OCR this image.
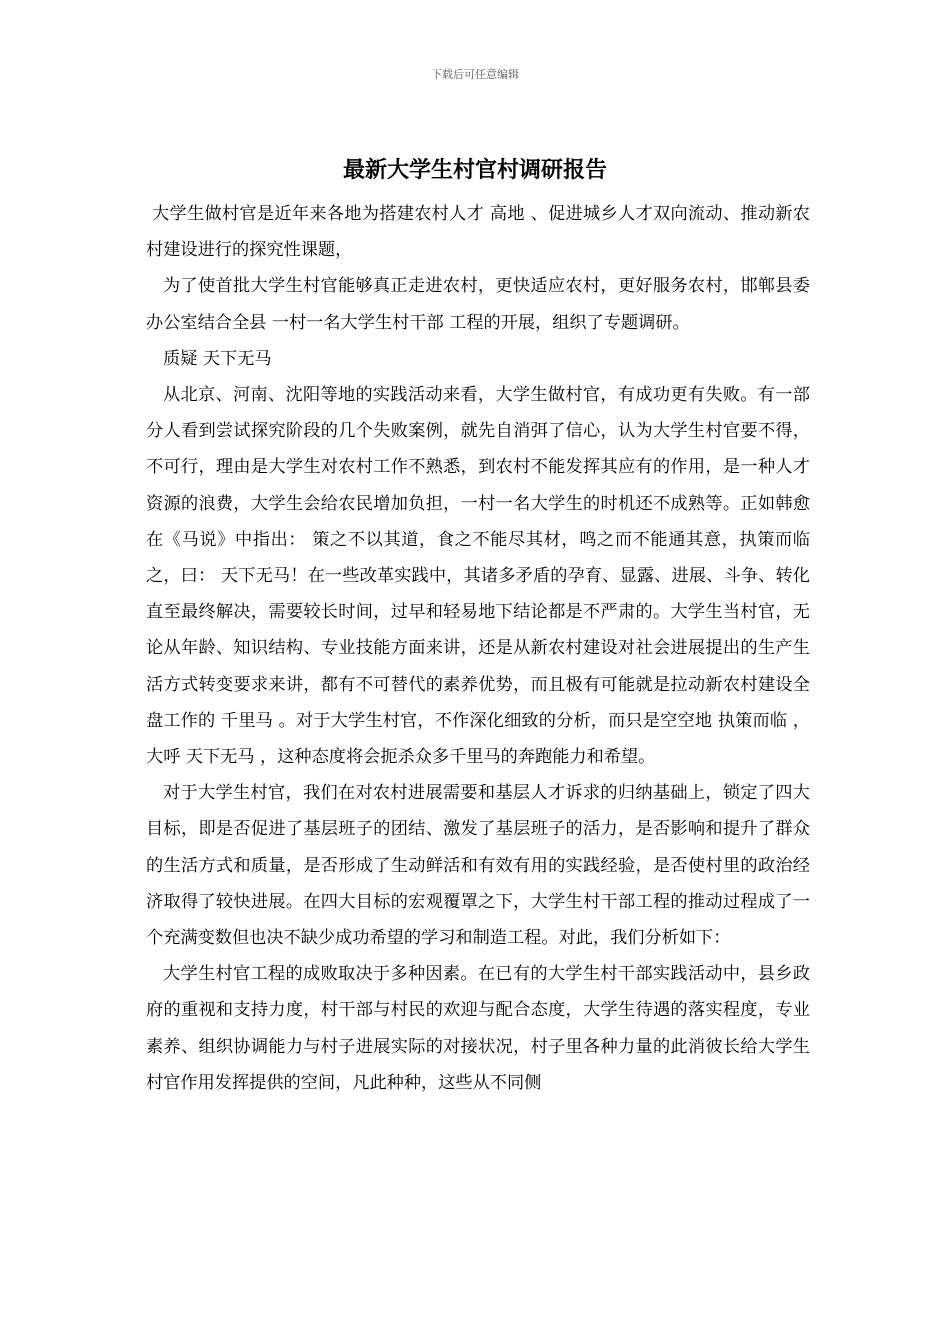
下载后可任意编辑
最新大学生村官村调研报告

大学生做村官是近年来各地为搭建农村人才 高地 、促进城乡人才双向流动、推动新农村建设进行的探究性课题，

为了使首批大学生村官能够真正走进农村，更快适应农村，更好服务农村，邯郸县委办公室结合全县 一村一名大学生村干部 工程的开展，组织了专题调研。

质疑 天下无马

从北京、河南、沈阳等地的实践活动来看，大学生做村官，有成功更有失败。有一部分人看到尝试探究阶段的几个失败案例，就先自消弭了信心，认为大学生村官要不得，不可行，理由是大学生对农村工作不熟悉，到农村不能发挥其应有的作用，是一种人才资源的浪费，大学生会给农民增加负担，一村一名大学生的时机还不成熟等。正如韩愈在《马说》中指出： 策之不以其道，食之不能尽其材，鸣之而不能通其意，执策而临之，曰： 天下无马！在一些改革实践中，其诸多矛盾的孕育、显露、进展、斗争、转化直至最终解决，需要较长时间，过早和轻易地下结论都是不严肃的。大学生当村官，无论从年龄、知识结构、专业技能方面来讲，还是从新农村建设对社会进展提出的生产生活方式转变要求来讲，都有不可替代的素养优势，而且极有可能就是拉动新农村建设全盘工作的 千里马 。对于大学生村官，不作深化细致的分析，而只是空空地 执策而临 ，大呼 天下无马 ，这种态度将会扼杀众多千里马的奔跑能力和希望。

对于大学生村官，我们在对农村进展需要和基层人才诉求的归纳基础上，锁定了四大目标，即是否促进了基层班子的团结、激发了基层班子的活力，是否影响和提升了群众的生活方式和质量，是否形成了生动鲜活和有效有用的实践经验，是否使村里的政治经济取得了较快进展。在四大目标的宏观覆罩之下，大学生村干部工程的推动过程成了一个充满变数但也决不缺少成功希望的学习和制造工程。对此，我们分析如下：

大学生村官工程的成败取决于多种因素。在已有的大学生村干部实践活动中，县乡政府的重视和支持力度，村干部与村民的欢迎与配合态度，大学生待遇的落实程度，专业素养、组织协调能力与村子进展实际的对接状况，村子里各种力量的此消彼长给大学生村官作用发挥提供的空间，凡此种种，这些从不同侧
